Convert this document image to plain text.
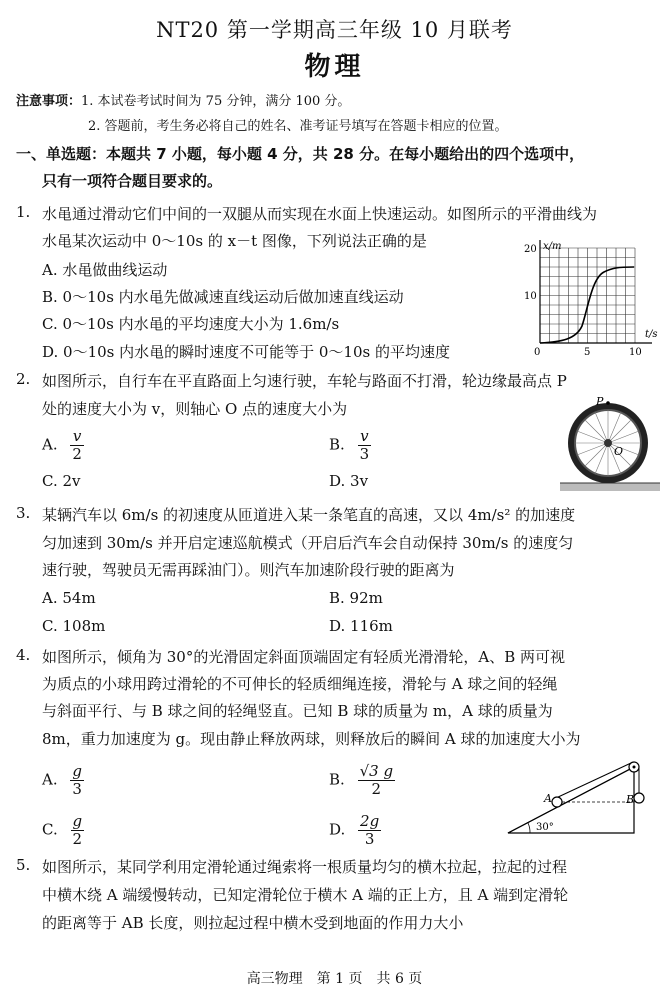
NT20 第一学期高三年级 10 月联考
物理
注意事项：1. 本试卷考试时间为 75 分钟，满分 100 分。
2. 答题前，考生务必将自己的姓名、准考证号填写在答题卡相应的位置。
一、单选题：本题共 7 小题，每小题 4 分，共 28 分。在每小题给出的四个选项中，
只有一项符合题目要求的。
1. 水黾通过滑动它们中间的一双腿从而实现在水面上快速运动。如图所示的平滑曲线为
水黾某次运动中 0～10s 的 x－t 图像，下列说法正确的是
A. 水黾做曲线运动
B. 0～10s 内水黾先做减速直线运动后做加速直线运动
C. 0～10s 内水黾的平均速度大小为 1.6m/s
D. 0～10s 内水黾的瞬时速度不可能等于 0～10s 的平均速度
x/m
t/s
0	5	10
10
20
2. 如图所示，自行车在平直路面上匀速行驶，车轮与路面不打滑，轮边缘最高点 P
处的速度大小为 v，则轴心 O 点的速度大小为
A. $\frac{v}{2}$	B. $\frac{v}{3}$
C. 2v	D. 3v
P
O
3. 某辆汽车以 6m/s 的初速度从匝道进入某一条笔直的高速，又以 4m/s² 的加速度
匀加速到 30m/s 并开启定速巡航模式（开启后汽车会自动保持 30m/s 的速度匀
速行驶，驾驶员无需再踩油门）。则汽车加速阶段行驶的距离为
A. 54m	B. 92m
C. 108m	D. 116m
4. 如图所示，倾角为 30°的光滑固定斜面顶端固定有轻质光滑滑轮，A、B 两可视
为质点的小球用跨过滑轮的不可伸长的轻质细绳连接，滑轮与 A 球之间的轻绳
与斜面平行、与 B 球之间的轻绳竖直。已知 B 球的质量为 m，A 球的质量为
8m，重力加速度为 g。现由静止释放两球，则释放后的瞬间 A 球的加速度大小为
A. $\frac{g}{3}$	B. $\frac{√3 g}{2}$
C. $\frac{g}{2}$	D. $\frac{2g}{3}$
A	B
30°
5. 如图所示，某同学利用定滑轮通过绳索将一根质量均匀的横木拉起，拉起的过程
中横木绕 A 端缓慢转动，已知定滑轮位于横木 A 端的正上方，且 A 端到定滑轮
的距离等于 AB 长度，则拉起过程中横木受到地面的作用力大小
高三物理　第 1 页　共 6 页
